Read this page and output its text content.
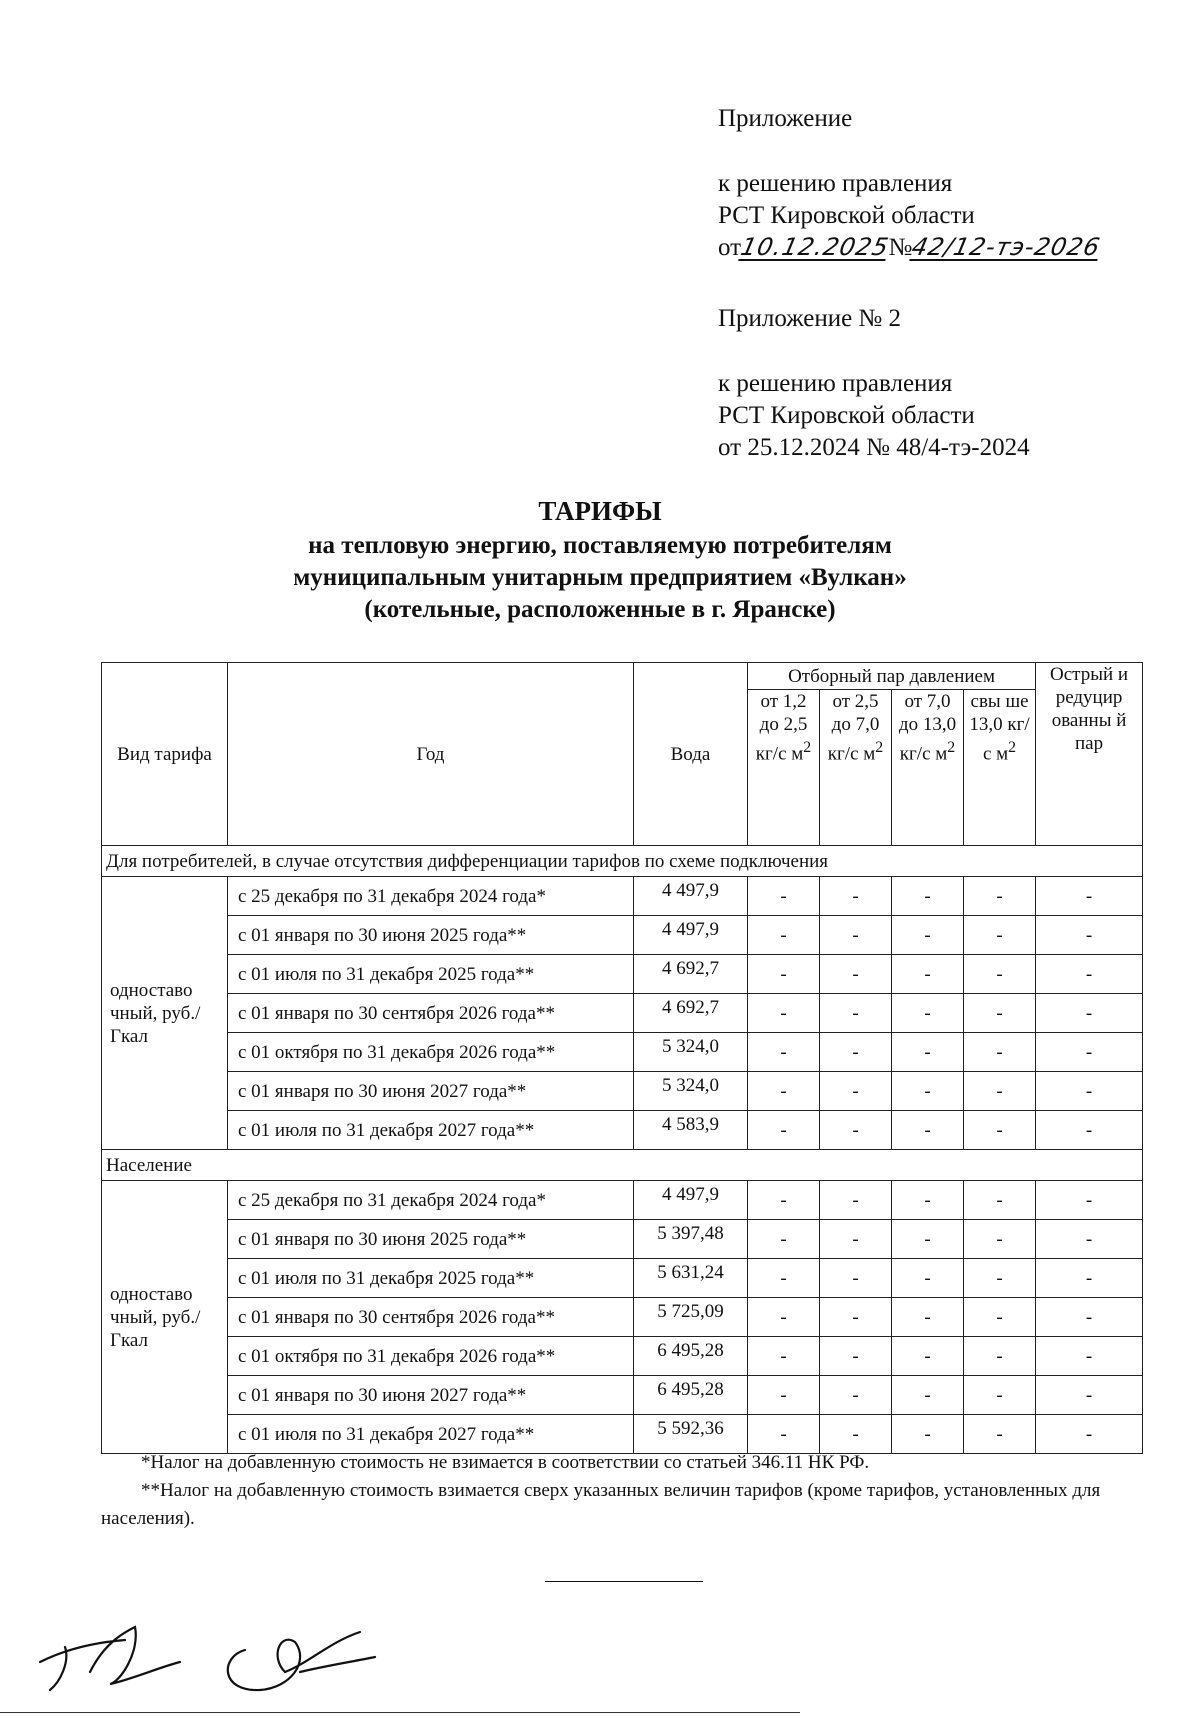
Приложение
к решению правления
РСТ Кировской области
от10.12.2025№42/12-тэ-2026
Приложение № 2
к решению правления
РСТ Кировской области
от 25.12.2024 № 48/4-тэ-2024
ТАРИФЫ
на тепловую энергию, поставляемую потребителям
муниципальным унитарным предприятием «Вулкан»
(котельные, расположенные в г. Яранске)
Вид тарифа	Год	Вода	Отборный пар давлением				Острый и редуцир ованны й пар
			от 1,2 до 2,5 кг/с $м^2$	от 2,5 до 7,0 кг/с $м^2$	от 7,0 до 13,0 кг/с $м^2$	свы ше 13,0 кг/с $м^2$
Для потребителей, в случае отсутствия дифференциации тарифов по схеме подключения							
одноставо чный, руб./Гкал	с 25 декабря по 31 декабря 2024 года*	4 497,9	-	-	-	-	-
	с 01 января по 30 июня 2025 года**	4 497,9	-	-	-	-	-
	с 01 июля по 31 декабря 2025 года**	4 692,7	-	-	-	-	-
	с 01 января по 30 сентября 2026 года**	4 692,7	-	-	-	-	-
	с 01 октября по 31 декабря 2026 года**	5 324,0	-	-	-	-	-
	с 01 января по 30 июня 2027 года**	5 324,0	-	-	-	-	-
	с 01 июля по 31 декабря 2027 года**	4 583,9	-	-	-	-	-
Население							
одноставо чный, руб./Гкал	с 25 декабря по 31 декабря 2024 года*	4 497,9	-	-	-	-	-
	с 01 января по 30 июня 2025 года**	5 397,48	-	-	-	-	-
	с 01 июля по 31 декабря 2025 года**	5 631,24	-	-	-	-	-
	с 01 января по 30 сентября 2026 года**	5 725,09	-	-	-	-	-
	с 01 октября по 31 декабря 2026 года**	6 495,28	-	-	-	-	-
	с 01 января по 30 июня 2027 года**	6 495,28	-	-	-	-	-
	с 01 июля по 31 декабря 2027 года**	5 592,36	-	-	-	-	-
*Налог на добавленную стоимость не взимается в соответствии со статьей 346.11 НК РФ.
**Налог на добавленную стоимость взимается сверх указанных величин тарифов (кроме тарифов, установленных для населения).
